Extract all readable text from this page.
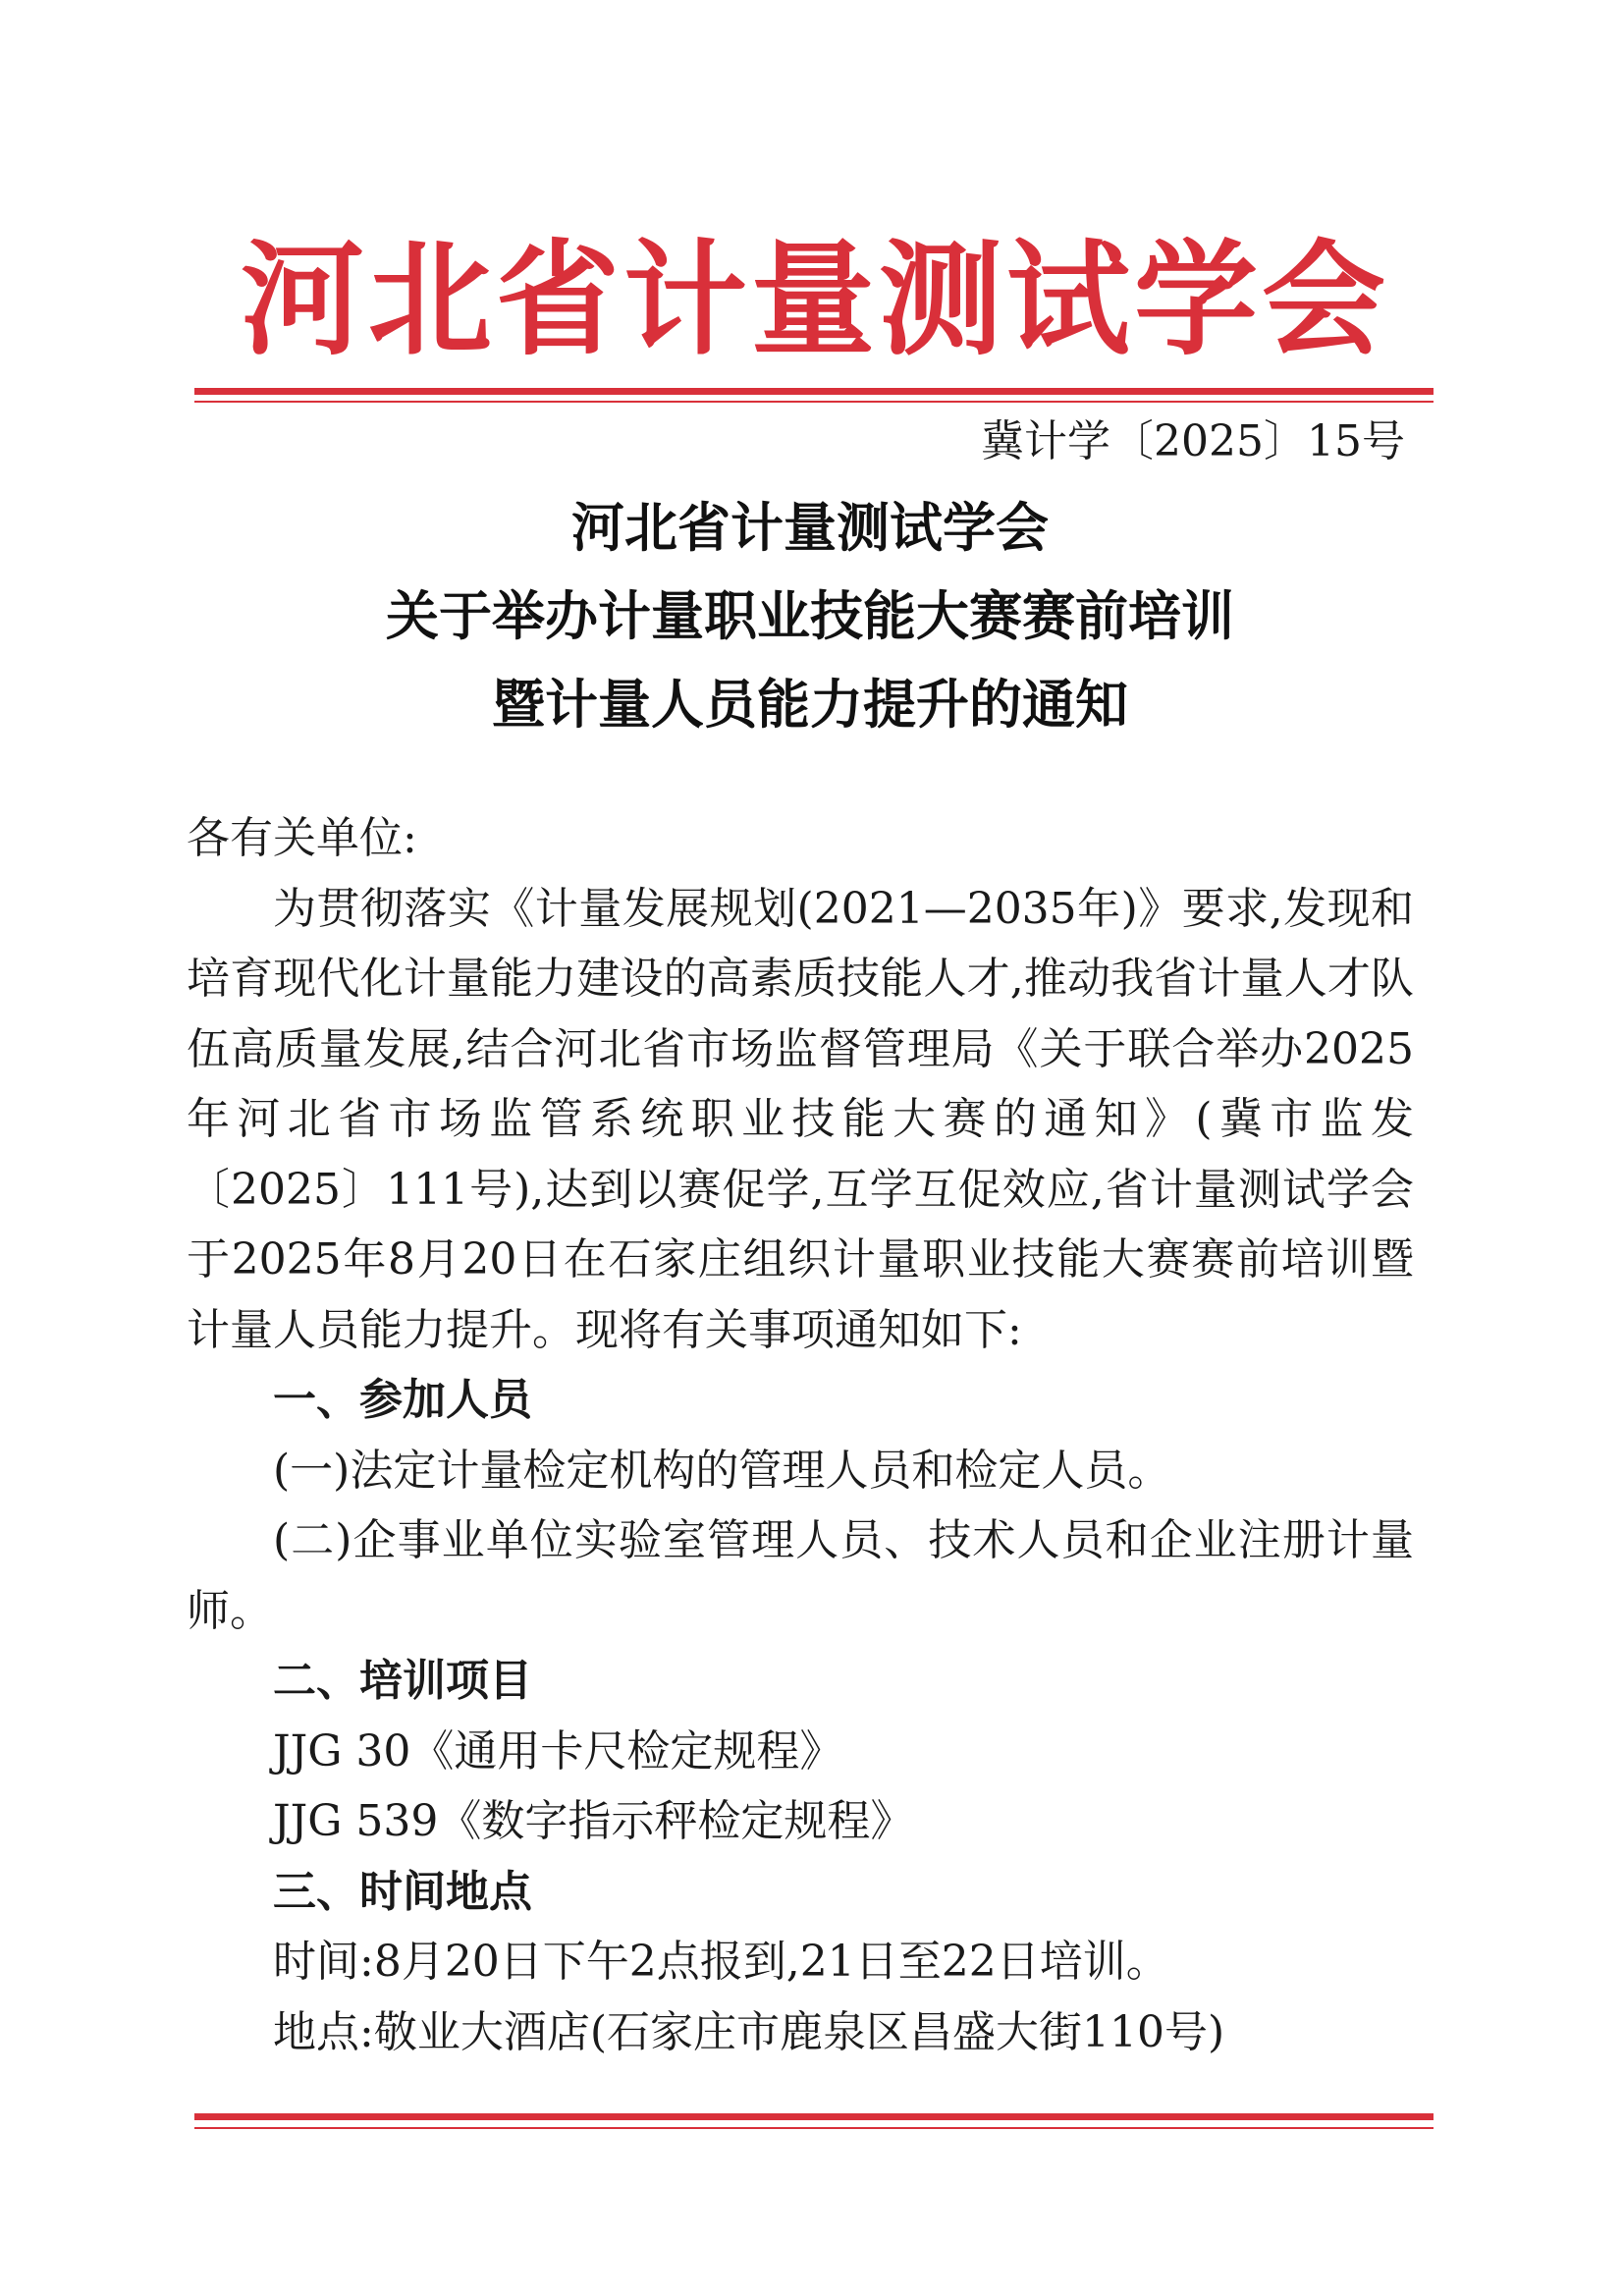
河北省计量测试学会
冀计学〔2025〕15号
河北省计量测试学会
关于举办计量职业技能大赛赛前培训
暨计量人员能力提升的通知

各有关单位:

为贯彻落实《计量发展规划(2021—2035年)》要求,发现和培育现代化计量能力建设的高素质技能人才,推动我省计量人才队伍高质量发展,结合河北省市场监督管理局《关于联合举办2025年河北省市场监管系统职业技能大赛的通知》(冀市监发〔2025〕111号),达到以赛促学,互学互促效应,省计量测试学会于2025年8月20日在石家庄组织计量职业技能大赛赛前培训暨计量人员能力提升。现将有关事项通知如下:

一、参加人员

(一)法定计量检定机构的管理人员和检定人员。

(二)企事业单位实验室管理人员、技术人员和企业注册计量师。

二、培训项目

JJG 30《通用卡尺检定规程》

JJG 539《数字指示秤检定规程》

三、时间地点

时间:8月20日下午2点报到,21日至22日培训。

地点:敬业大酒店(石家庄市鹿泉区昌盛大街110号)
